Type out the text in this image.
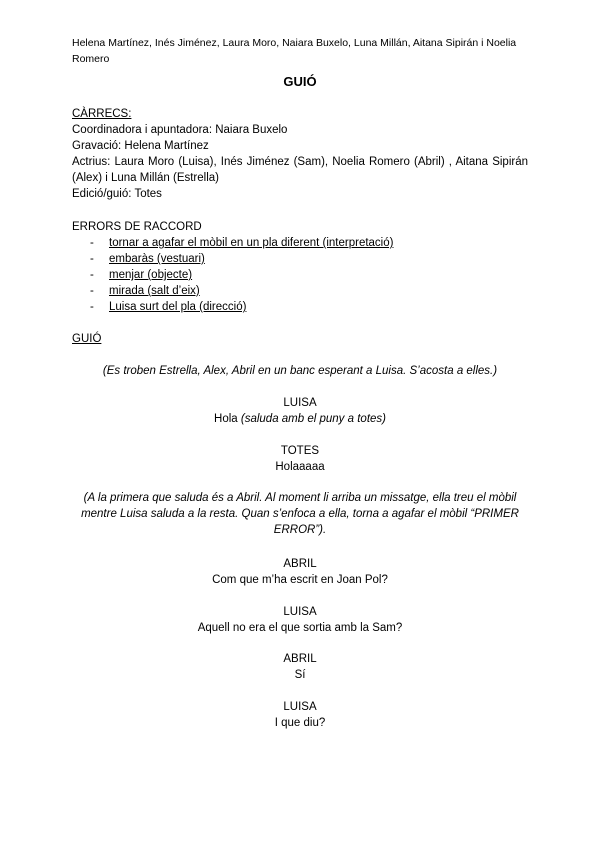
Helena Martínez, Inés Jiménez, Laura Moro, Naiara Buxelo, Luna Millán, Aitana Sipirán i Noelia Romero
GUIÓ
CÀRRECS:
Coordinadora i apuntadora: Naiara Buxelo
Gravació: Helena Martínez
Actrius: Laura Moro (Luisa), Inés Jiménez (Sam), Noelia Romero (Abril) , Aitana Sipirán (Alex) i Luna Millán (Estrella)
Edició/guió: Totes
ERRORS DE RACCORD
- tornar a agafar el mòbil en un pla diferent (interpretació)
- embaràs (vestuari)
- menjar (objecte)
- mirada (salt d’eix)
- Luisa surt del pla (direcció)
GUIÓ
(Es troben Estrella, Alex, Abril en un banc esperant a Luisa. S’acosta a elles.)
LUISA
Hola (saluda amb el puny a totes)
TOTES
Holaaaaa
(A la primera que saluda és a Abril. Al moment li arriba un missatge, ella treu el mòbil mentre Luisa saluda a la resta. Quan s’enfoca a ella, torna a agafar el mòbil “PRIMER ERROR”).
ABRIL
Com que m’ha escrit en Joan Pol?
LUISA
Aquell no era el que sortia amb la Sam?
ABRIL
Sí
LUISA
I que diu?
